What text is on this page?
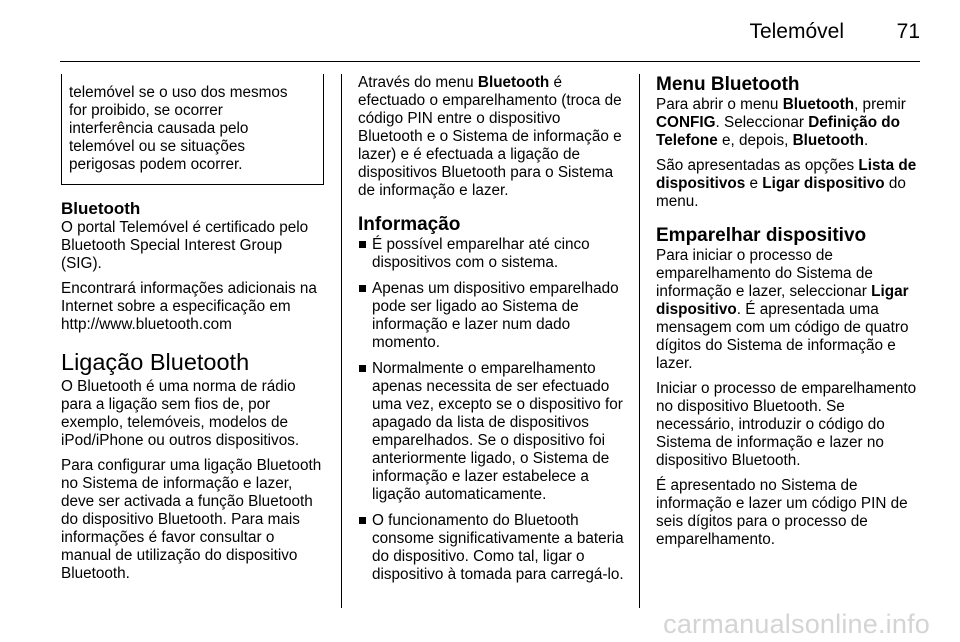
Telemóvel	71
telemóvel se o uso dos mesmos
for proibido, se ocorrer
interferência causada pelo
telemóvel ou se situações
perigosas podem ocorrer.
Bluetooth

O portal Telemóvel é certificado pelo Bluetooth Special Interest Group (SIG).

Encontrará informações adicionais na Internet sobre a especificação em http://www.bluetooth.com

Ligação Bluetooth

O Bluetooth é uma norma de rádio para a ligação sem fios de, por exemplo, telemóveis, modelos de iPod/iPhone ou outros dispositivos.

Para configurar uma ligação Bluetooth no Sistema de informação e lazer, deve ser activada a função Bluetooth do dispositivo Bluetooth. Para mais informações é favor consultar o manual de utilização do dispositivo Bluetooth.

Através do menu Bluetooth é efectuado o emparelhamento (troca de código PIN entre o dispositivo Bluetooth e o Sistema de informação e lazer) e é efectuada a ligação de dispositivos Bluetooth para o Sistema de informação e lazer.

Informação
É possível emparelhar até cinco dispositivos com o sistema.
Apenas um dispositivo emparelhado pode ser ligado ao Sistema de informação e lazer num dado momento.
Normalmente o emparelhamento apenas necessita de ser efectuado uma vez, excepto se o dispositivo for apagado da lista de dispositivos emparelhados. Se o dispositivo foi anteriormente ligado, o Sistema de informação e lazer estabelece a ligação automaticamente.
O funcionamento do Bluetooth consome significativamente a bateria do dispositivo. Como tal, ligar o dispositivo à tomada para carregá-lo.
Menu Bluetooth

Para abrir o menu Bluetooth, premir CONFIG. Seleccionar Definição do Telefone e, depois, Bluetooth.

São apresentadas as opções Lista de dispositivos e Ligar dispositivo do menu.

Emparelhar dispositivo

Para iniciar o processo de emparelhamento do Sistema de informação e lazer, seleccionar Ligar dispositivo. É apresentada uma mensagem com um código de quatro dígitos do Sistema de informação e lazer.

Iniciar o processo de emparelhamento no dispositivo Bluetooth. Se necessário, introduzir o código do Sistema de informação e lazer no dispositivo Bluetooth.

É apresentado no Sistema de informação e lazer um código PIN de seis dígitos para o processo de emparelhamento.

carmanualsonline.info
